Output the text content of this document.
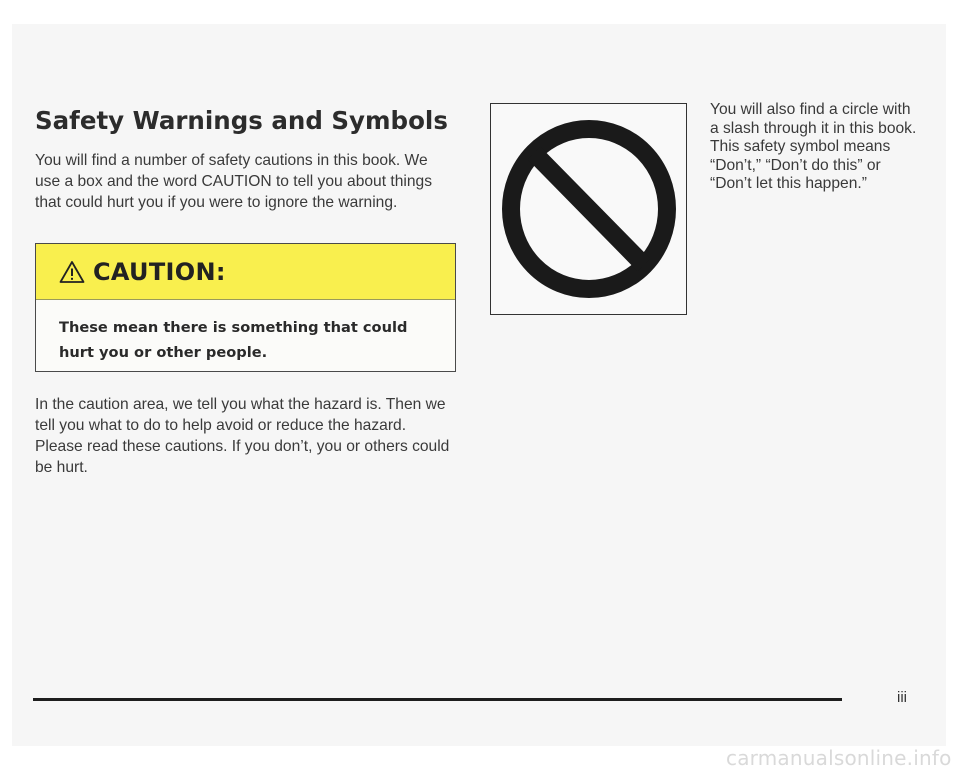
Safety Warnings and Symbols

You will find a number of safety cautions in this book. We use a box and the word CAUTION to tell you about things that could hurt you if you were to ignore the warning.

CAUTION:
These mean there is something that could hurt you or other people.

In the caution area, we tell you what the hazard is. Then we tell you what to do to help avoid or reduce the hazard. Please read these cautions. If you don’t, you or others could be hurt.

You will also find a circle with a slash through it in this book. This safety symbol means “Don’t,” “Don’t do this” or “Don’t let this happen.”

iii
carmanualsonline.info
